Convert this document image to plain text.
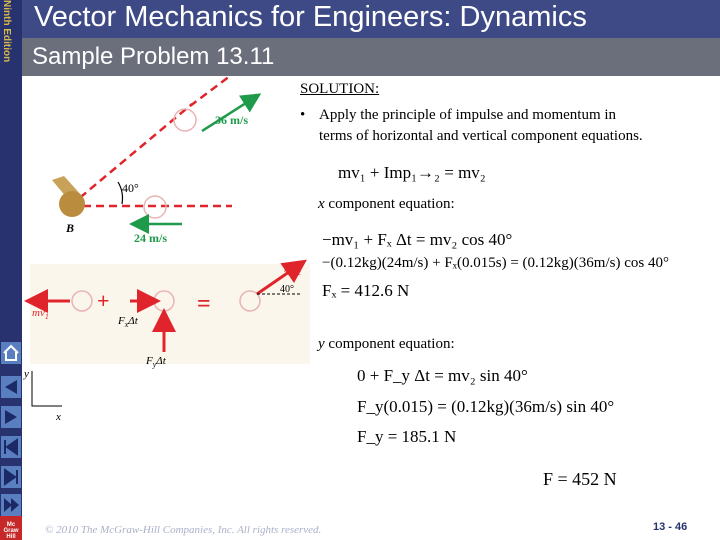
Ninth Edition
Mc
Graw
Hill
Vector Mechanics for Engineers: Dynamics
Sample Problem 13.11
36 m/s
24 m/s
40°
B
$mv_1$
+
$F_x\Delta t$
$F_y\Delta t$
=
$mv_2$
40°
y
x
SOLUTION:
• Apply the principle of impulse and momentum in
terms of horizontal and vertical component equations.
mv₁ + Imp₁→₂ = mv₂
x component equation:
−mv₁ + Fₓ Δt = mv₂ cos 40°
−(0.12kg)(24m/s) + Fₓ(0.015s) = (0.12kg)(36m/s) cos 40°
Fₓ = 412.6 N
y component equation:
0 + F_y Δt = mv₂ sin 40°
F_y(0.015) = (0.12kg)(36m/s) sin 40°
F_y = 185.1 N
F = 452 N
© 2010 The McGraw-Hill Companies, Inc. All rights reserved.	13 - 46
